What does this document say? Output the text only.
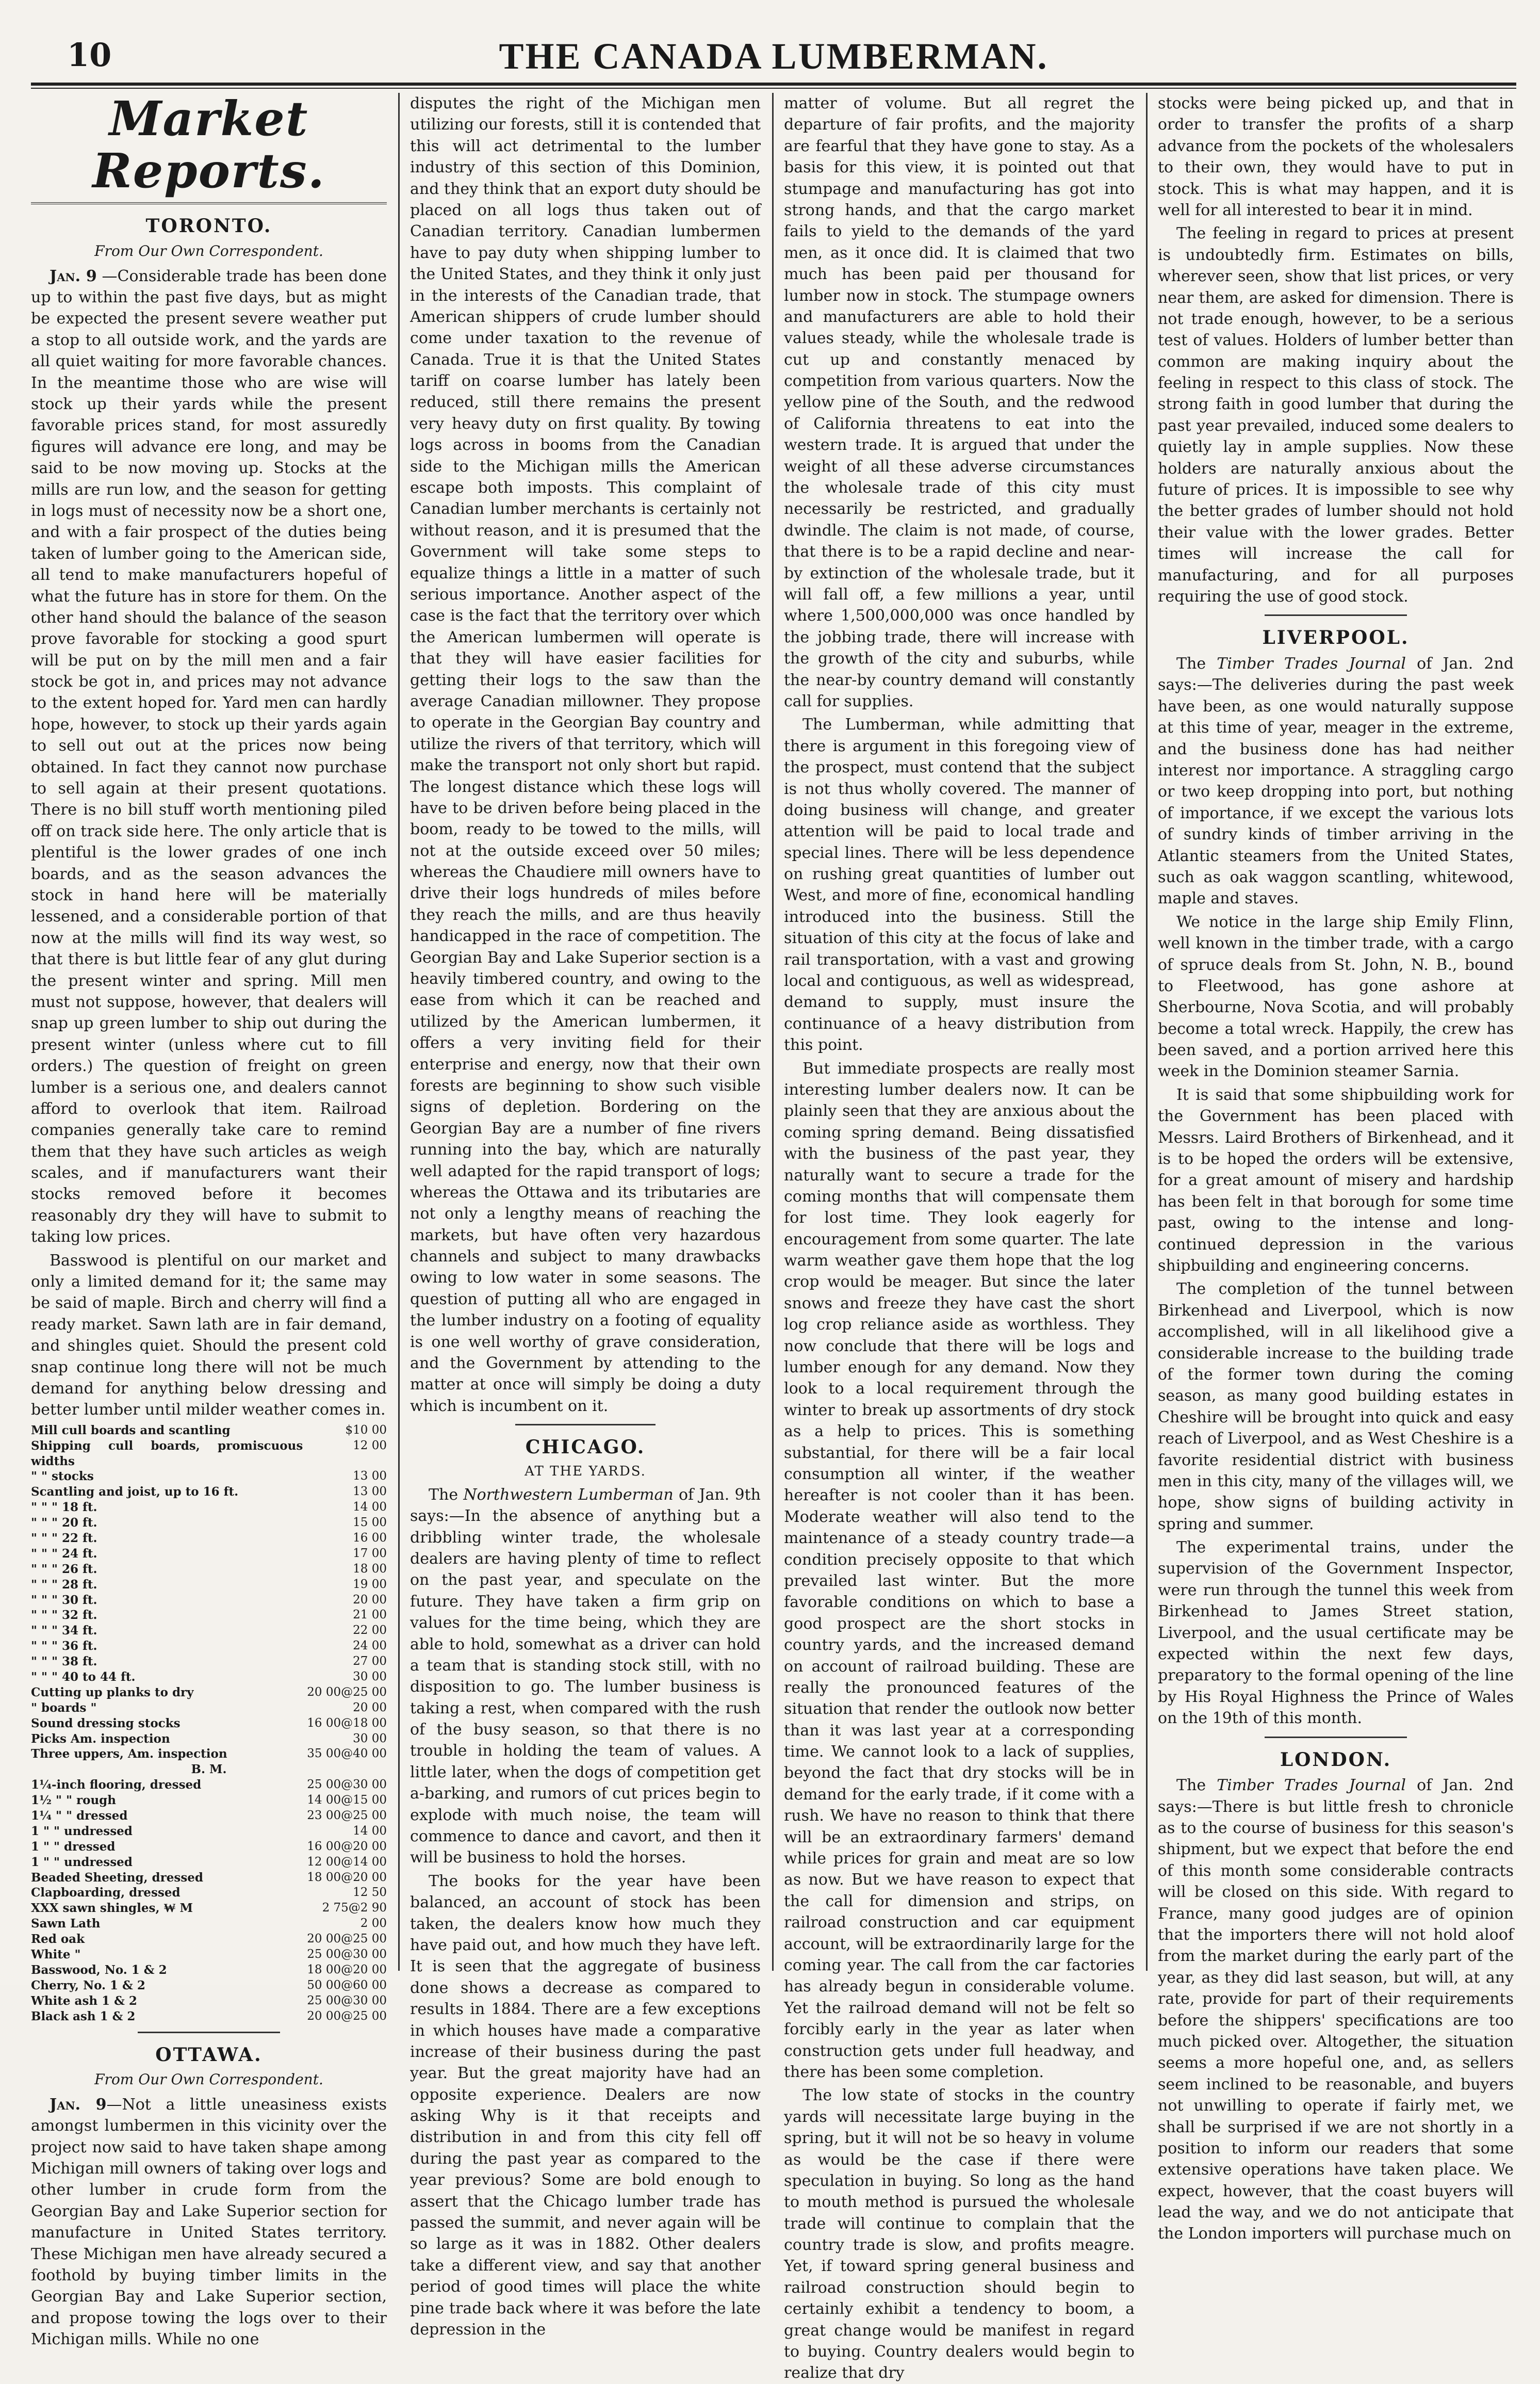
10	THE CANADA LUMBERMAN.
Market Reports.
TORONTO.
From Our Own Correspondent.

Jan. 9 —Considerable trade has been done up to within the past five days, but as might be expected the present severe weather put a stop to all outside work, and the yards are all quiet waiting for more favorable chances. In the meantime those who are wise will stock up their yards while the present favorable prices stand, for most assuredly figures will advance ere long, and may be said to be now moving up. Stocks at the mills are run low, and the season for getting in logs must of necessity now be a short one, and with a fair prospect of the duties being taken of lumber going to the American side, all tend to make manufacturers hopeful of what the future has in store for them. On the other hand should the balance of the season prove favorable for stocking a good spurt will be put on by the mill men and a fair stock be got in, and prices may not advance to the extent hoped for. Yard men can hardly hope, however, to stock up their yards again to sell out out at the prices now being obtained. In fact they cannot now purchase to sell again at their present quotations. There is no bill stuff worth mentioning piled off on track side here. The only article that is plentiful is the lower grades of one inch boards, and as the season advances the stock in hand here will be materially lessened, and a considerable portion of that now at the mills will find its way west, so that there is but little fear of any glut during the present winter and spring. Mill men must not suppose, however, that dealers will snap up green lumber to ship out during the present winter (unless where cut to fill orders.) The question of freight on green lumber is a serious one, and dealers cannot afford to overlook that item. Railroad companies generally take care to remind them that they have such articles as weigh scales, and if manufacturers want their stocks removed before it becomes reasonably dry they will have to submit to taking low prices.

Basswood is plentiful on our market and only a limited demand for it; the same may be said of maple. Birch and cherry will find a ready market. Sawn lath are in fair demand, and shingles quiet. Should the present cold snap continue long there will not be much demand for anything below dressing and better lumber until milder weather comes in.

Mill cull boards and scantling	$10 00
Shipping cull boards, promiscuous widths	12 00
" " stocks	13 00
Scantling and joist, up to 16 ft.	13 00
" " " 18 ft.	14 00
" " " 20 ft.	15 00
" " " 22 ft.	16 00
" " " 24 ft.	17 00
" " " 26 ft.	18 00
" " " 28 ft.	19 00
" " " 30 ft.	20 00
" " " 32 ft.	21 00
" " " 34 ft.	22 00
" " " 36 ft.	24 00
" " " 38 ft.	27 00
" " " 40 to 44 ft.	30 00
Cutting up planks to dry	20 00@25 00
" boards "	20 00
Sound dressing stocks	16 00@18 00
Picks Am. inspection	30 00
Three uppers, Am. inspection	35 00@40 00
B. M.	
1¼-inch flooring, dressed	25 00@30 00
1½ " " rough	14 00@15 00
1¼ " " dressed	23 00@25 00
1 " " undressed	14 00
1 " " dressed	16 00@20 00
1 " " undressed	12 00@14 00
Beaded Sheeting, dressed	18 00@20 00
Clapboarding, dressed	12 50
XXX sawn shingles, ₩ M	2 75@2 90
Sawn Lath	2 00
Red oak	20 00@25 00
White "	25 00@30 00
Basswood, No. 1 & 2	18 00@20 00
Cherry, No. 1 & 2	50 00@60 00
White ash 1 & 2	25 00@30 00
Black ash 1 & 2	20 00@25 00
OTTAWA.
From Our Own Correspondent.

Jan. 9—Not a little uneasiness exists amongst lumbermen in this vicinity over the project now said to have taken shape among Michigan mill owners of taking over logs and other lumber in crude form from the Georgian Bay and Lake Superior section for manufacture in United States territory. These Michigan men have already secured a foothold by buying timber limits in the Georgian Bay and Lake Superior section, and propose towing the logs over to their Michigan mills. While no one

disputes the right of the Michigan men utilizing our forests, still it is contended that this will act detrimental to the lumber industry of this section of this Dominion, and they think that an export duty should be placed on all logs thus taken out of Canadian territory. Canadian lumbermen have to pay duty when shipping lumber to the United States, and they think it only just in the interests of the Canadian trade, that American shippers of crude lumber should come under taxation to the revenue of Canada. True it is that the United States tariff on coarse lumber has lately been reduced, still there remains the present very heavy duty on first quality. By towing logs across in booms from the Canadian side to the Michigan mills the American escape both imposts. This complaint of Canadian lumber merchants is certainly not without reason, and it is presumed that the Government will take some steps to equalize things a little in a matter of such serious importance. Another aspect of the case is the fact that the territory over which the American lumbermen will operate is that they will have easier facilities for getting their logs to the saw than the average Canadian millowner. They propose to operate in the Georgian Bay country and utilize the rivers of that territory, which will make the transport not only short but rapid. The longest distance which these logs will have to be driven before being placed in the boom, ready to be towed to the mills, will not at the outside exceed over 50 miles; whereas the Chaudiere mill owners have to drive their logs hundreds of miles before they reach the mills, and are thus heavily handicapped in the race of competition. The Georgian Bay and Lake Superior section is a heavily timbered country, and owing to the ease from which it can be reached and utilized by the American lumbermen, it offers a very inviting field for their enterprise and energy, now that their own forests are beginning to show such visible signs of depletion. Bordering on the Georgian Bay are a number of fine rivers running into the bay, which are naturally well adapted for the rapid transport of logs; whereas the Ottawa and its tributaries are not only a lengthy means of reaching the markets, but have often very hazardous channels and subject to many drawbacks owing to low water in some seasons. The question of putting all who are engaged in the lumber industry on a footing of equality is one well worthy of grave consideration, and the Government by attending to the matter at once will simply be doing a duty which is incumbent on it.

CHICAGO.
AT THE YARDS.

The Northwestern Lumberman of Jan. 9th says:—In the absence of anything but a dribbling winter trade, the wholesale dealers are having plenty of time to reflect on the past year, and speculate on the future. They have taken a firm grip on values for the time being, which they are able to hold, somewhat as a driver can hold a team that is standing stock still, with no disposition to go. The lumber business is taking a rest, when compared with the rush of the busy season, so that there is no trouble in holding the team of values. A little later, when the dogs of competition get a-barking, and rumors of cut prices begin to explode with much noise, the team will commence to dance and cavort, and then it will be business to hold the horses.

The books for the year have been balanced, an account of stock has been taken, the dealers know how much they have paid out, and how much they have left. It is seen that the aggregate of business done shows a decrease as compared to results in 1884. There are a few exceptions in which houses have made a comparative increase of their business during the past year. But the great majority have had an opposite experience. Dealers are now asking Why is it that receipts and distribution in and from this city fell off during the past year as compared to the year previous? Some are bold enough to assert that the Chicago lumber trade has passed the summit, and never again will be so large as it was in 1882. Other dealers take a different view, and say that another period of good times will place the white pine trade back where it was before the late depression in the

matter of volume. But all regret the departure of fair profits, and the majority are fearful that they have gone to stay. As a basis for this view, it is pointed out that stumpage and manufacturing has got into strong hands, and that the cargo market fails to yield to the demands of the yard men, as it once did. It is claimed that two much has been paid per thousand for lumber now in stock. The stumpage owners and manufacturers are able to hold their values steady, while the wholesale trade is cut up and constantly menaced by competition from various quarters. Now the yellow pine of the South, and the redwood of California threatens to eat into the western trade. It is argued that under the weight of all these adverse circumstances the wholesale trade of this city must necessarily be restricted, and gradually dwindle. The claim is not made, of course, that there is to be a rapid decline and near-by extinction of the wholesale trade, but it will fall off, a few millions a year, until where 1,500,000,000 was once handled by the jobbing trade, there will increase with the growth of the city and suburbs, while the near-by country demand will constantly call for supplies.

The Lumberman, while admitting that there is argument in this foregoing view of the prospect, must contend that the subject is not thus wholly covered. The manner of doing business will change, and greater attention will be paid to local trade and special lines. There will be less dependence on rushing great quantities of lumber out West, and more of fine, economical handling introduced into the business. Still the situation of this city at the focus of lake and rail transportation, with a vast and growing local and contiguous, as well as widespread, demand to supply, must insure the continuance of a heavy distribution from this point.

But immediate prospects are really most interesting lumber dealers now. It can be plainly seen that they are anxious about the coming spring demand. Being dissatisfied with the business of the past year, they naturally want to secure a trade for the coming months that will compensate them for lost time. They look eagerly for encouragement from some quarter. The late warm weather gave them hope that the log crop would be meager. But since the later snows and freeze they have cast the short log crop reliance aside as worthless. They now conclude that there will be logs and lumber enough for any demand. Now they look to a local requirement through the winter to break up assortments of dry stock as a help to prices. This is something substantial, for there will be a fair local consumption all winter, if the weather hereafter is not cooler than it has been. Moderate weather will also tend to the maintenance of a steady country trade—a condition precisely opposite to that which prevailed last winter. But the more favorable conditions on which to base a good prospect are the short stocks in country yards, and the increased demand on account of railroad building. These are really the pronounced features of the situation that render the outlook now better than it was last year at a corresponding time. We cannot look to a lack of supplies, beyond the fact that dry stocks will be in demand for the early trade, if it come with a rush. We have no reason to think that there will be an extraordinary farmers' demand while prices for grain and meat are so low as now. But we have reason to expect that the call for dimension and strips, on railroad construction and car equipment account, will be extraordinarily large for the coming year. The call from the car factories has already begun in considerable volume. Yet the railroad demand will not be felt so forcibly early in the year as later when construction gets under full headway, and there has been some completion.

The low state of stocks in the country yards will necessitate large buying in the spring, but it will not be so heavy in volume as would be the case if there were speculation in buying. So long as the hand to mouth method is pursued the wholesale trade will continue to complain that the country trade is slow, and profits meagre. Yet, if toward spring general business and railroad construction should begin to certainly exhibit a tendency to boom, a great change would be manifest in regard to buying. Country dealers would begin to realize that dry

stocks were being picked up, and that in order to transfer the profits of a sharp advance from the pockets of the wholesalers to their own, they would have to put in stock. This is what may happen, and it is well for all interested to bear it in mind.

The feeling in regard to prices at present is undoubtedly firm. Estimates on bills, wherever seen, show that list prices, or very near them, are asked for dimension. There is not trade enough, however, to be a serious test of values. Holders of lumber better than common are making inquiry about the feeling in respect to this class of stock. The strong faith in good lumber that during the past year prevailed, induced some dealers to quietly lay in ample supplies. Now these holders are naturally anxious about the future of prices. It is impossible to see why the better grades of lumber should not hold their value with the lower grades. Better times will increase the call for manufacturing, and for all purposes requiring the use of good stock.

LIVERPOOL.

The Timber Trades Journal of Jan. 2nd says:—The deliveries during the past week have been, as one would naturally suppose at this time of year, meager in the extreme, and the business done has had neither interest nor importance. A straggling cargo or two keep dropping into port, but nothing of importance, if we except the various lots of sundry kinds of timber arriving in the Atlantic steamers from the United States, such as oak waggon scantling, whitewood, maple and staves.

We notice in the large ship Emily Flinn, well known in the timber trade, with a cargo of spruce deals from St. John, N. B., bound to Fleetwood, has gone ashore at Sherbourne, Nova Scotia, and will probably become a total wreck. Happily, the crew has been saved, and a portion arrived here this week in the Dominion steamer Sarnia.

It is said that some shipbuilding work for the Government has been placed with Messrs. Laird Brothers of Birkenhead, and it is to be hoped the orders will be extensive, for a great amount of misery and hardship has been felt in that borough for some time past, owing to the intense and long-continued depression in the various shipbuilding and engineering concerns.

The completion of the tunnel between Birkenhead and Liverpool, which is now accomplished, will in all likelihood give a considerable increase to the building trade of the former town during the coming season, as many good building estates in Cheshire will be brought into quick and easy reach of Liverpool, and as West Cheshire is a favorite residential district with business men in this city, many of the villages will, we hope, show signs of building activity in spring and summer.

The experimental trains, under the supervision of the Government Inspector, were run through the tunnel this week from Birkenhead to James Street station, Liverpool, and the usual certificate may be expected within the next few days, preparatory to the formal opening of the line by His Royal Highness the Prince of Wales on the 19th of this month.

LONDON.

The Timber Trades Journal of Jan. 2nd says:—There is but little fresh to chronicle as to the course of business for this season's shipment, but we expect that before the end of this month some considerable contracts will be closed on this side. With regard to France, many good judges are of opinion that the importers there will not hold aloof from the market during the early part of the year, as they did last season, but will, at any rate, provide for part of their requirements before the shippers' specifications are too much picked over. Altogether, the situation seems a more hopeful one, and, as sellers seem inclined to be reasonable, and buyers not unwilling to operate if fairly met, we shall be surprised if we are not shortly in a position to inform our readers that some extensive operations have taken place. We expect, however, that the coast buyers will lead the way, and we do not anticipate that the London importers will purchase much on
